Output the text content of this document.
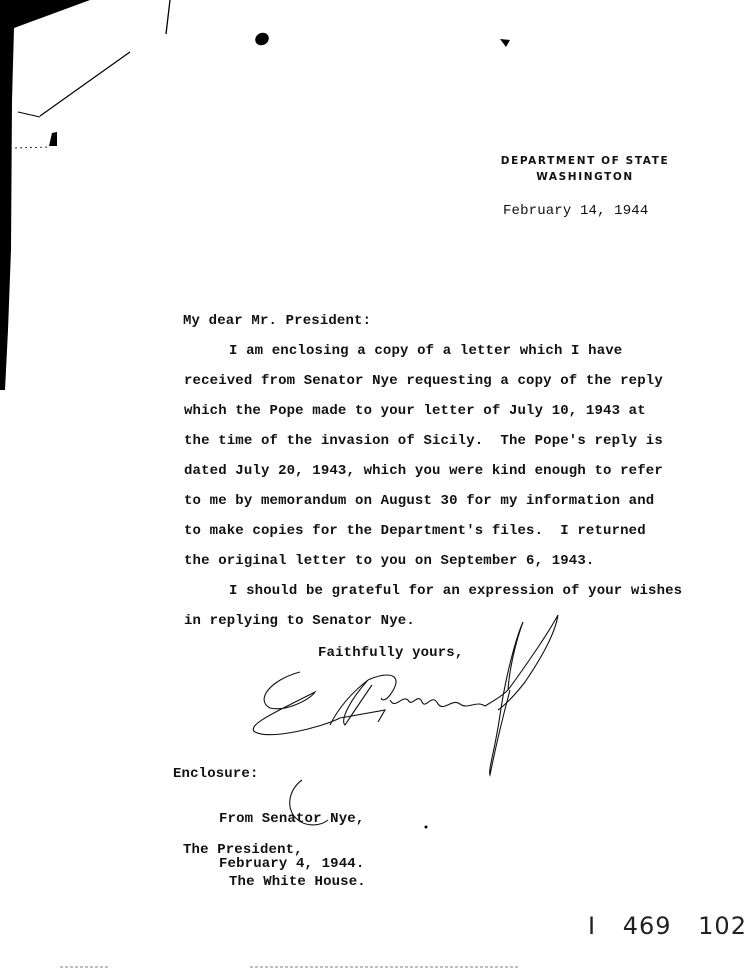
DEPARTMENT OF STATE
WASHINGTON
February 14, 1944
My dear Mr. President:
I am enclosing a copy of a letter which I have
received from Senator Nye requesting a copy of the reply
which the Pope made to your letter of July 10, 1943 at
the time of the invasion of Sicily.  The Pope's reply is
dated July 20, 1943, which you were kind enough to refer
to me by memorandum on August 30 for my information and
to make copies for the Department's files.  I returned
the original letter to you on September 6, 1943.
I should be grateful for an expression of your wishes
in replying to Senator Nye.
Faithfully yours,

Enclosure:

From Senator Nye,

February 4, 1944.

The President,
The White House.
I 469 102
